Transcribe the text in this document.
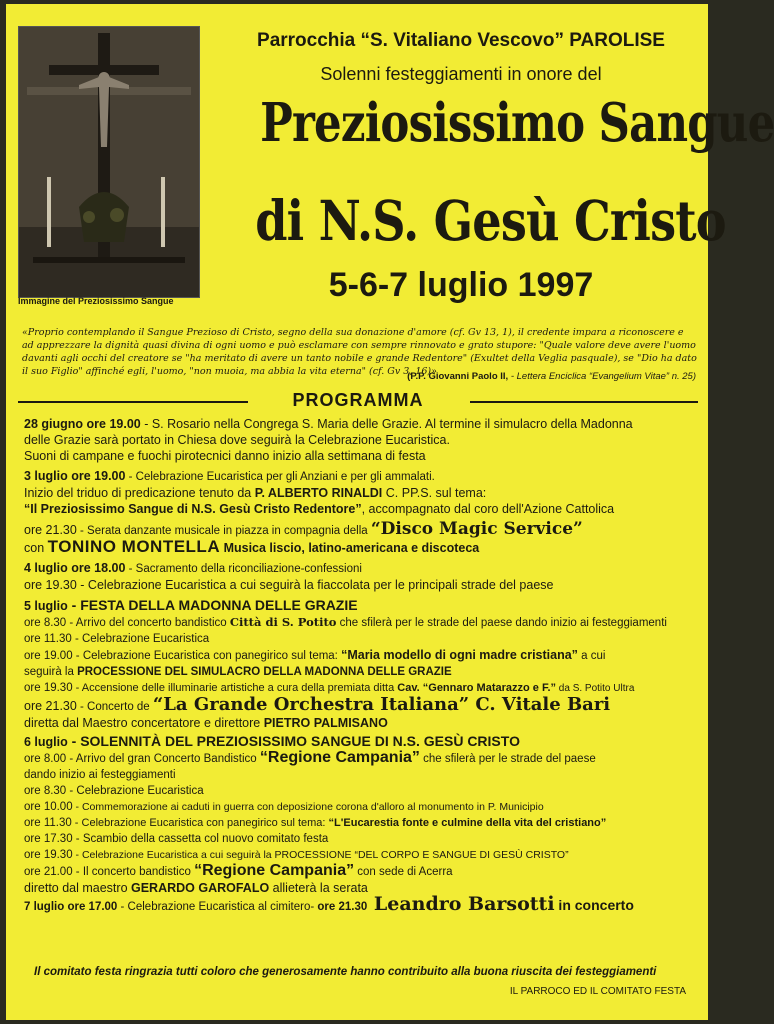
Immagine del Preziosissimo Sangue
Parrocchia “S. Vitaliano Vescovo” PAROLISE
Solenni festeggiamenti in onore del
Preziosissimo Sangue
di N.S. Gesù Cristo
5-6-7 luglio 1997
«Proprio contemplando il Sangue Prezioso di Cristo, segno della sua donazione d'amore (cf. Gv 13, 1), il credente impara a riconoscere e ad apprezzare la dignità quasi divina di ogni uomo e può esclamare con sempre rinnovato e grato stupore: "Quale valore deve avere l'uomo davanti agli occhi del creatore se "ha meritato di avere un tanto nobile e grande Redentore" (Exultet della Veglia pasquale), se "Dio ha dato il suo Figlio" affinché egli, l'uomo, "non muoia, ma abbia la vita eterna" (cf. Gv 3, 16)»
(P.P. Giovanni Paolo II, - Lettera Enciclica “Evangelium Vitae” n. 25)
PROGRAMMA

28 giugno ore 19.00 - S. Rosario nella Congrega S. Maria delle Grazie. Al termine il simulacro della Madonna

delle Grazie sarà portato in Chiesa dove seguirà la Celebrazione Eucaristica.

Suoni di campane e fuochi pirotecnici danno inizio alla settimana di festa

3 luglio ore 19.00 - Celebrazione Eucaristica per gli Anziani e per gli ammalati.

Inizio del triduo di predicazione tenuto da P. ALBERTO RINALDI C. PP.S. sul tema:

“Il Preziosissimo Sangue di N.S. Gesù Cristo Redentore”, accompagnato dal coro dell'Azione Cattolica

ore 21.30 - Serata danzante musicale in piazza in compagnia della “Disco Magic Service”

con TONINO MONTELLA Musica liscio, latino-americana e discoteca

4 luglio ore 18.00 - Sacramento della riconciliazione-confessioni

ore 19.30 - Celebrazione Eucaristica a cui seguirà la fiaccolata per le principali strade del paese

5 luglio - FESTA DELLA MADONNA DELLE GRAZIE

ore 8.30 - Arrivo del concerto bandistico Città di S. Potito che sfilerà per le strade del paese dando inizio ai festeggiamenti

ore 11.30 - Celebrazione Eucaristica

ore 19.00 - Celebrazione Eucaristica con panegirico sul tema: “Maria modello di ogni madre cristiana” a cui

seguirà la PROCESSIONE DEL SIMULACRO DELLA MADONNA DELLE GRAZIE

ore 19.30 - Accensione delle illuminarie artistiche a cura della premiata ditta Cav. “Gennaro Matarazzo e F.” da S. Potito Ultra

ore 21.30 - Concerto de “La Grande Orchestra Italiana” C. Vitale Bari

diretta dal Maestro concertatore e direttore PIETRO PALMISANO

6 luglio - SOLENNITÀ DEL PREZIOSISSIMO SANGUE DI N.S. GESÙ CRISTO

ore 8.00 - Arrivo del gran Concerto Bandistico “Regione Campania” che sfilerà per le strade del paese

dando inizio ai festeggiamenti

ore 8.30 - Celebrazione Eucaristica

ore 10.00 - Commemorazione ai caduti in guerra con deposizione corona d'alloro al monumento in P. Municipio

ore 11.30 - Celebrazione Eucaristica con panegirico sul tema: “L'Eucarestia fonte e culmine della vita del cristiano”

ore 17.30 - Scambio della cassetta col nuovo comitato festa

ore 19.30 - Celebrazione Eucaristica a cui seguirà la PROCESSIONE “DEL CORPO E SANGUE DI GESÙ CRISTO”

ore 21.00 - Il concerto bandistico “Regione Campania” con sede di Acerra

diretto dal maestro GERARDO GAROFALO allieterà la serata

7 luglio ore 17.00 - Celebrazione Eucaristica al cimitero- ore 21.30 Leandro Barsotti in concerto

Il comitato festa ringrazia tutti coloro che generosamente hanno contribuito alla buona riuscita dei festeggiamenti
IL PARROCO ED IL COMITATO FESTA
